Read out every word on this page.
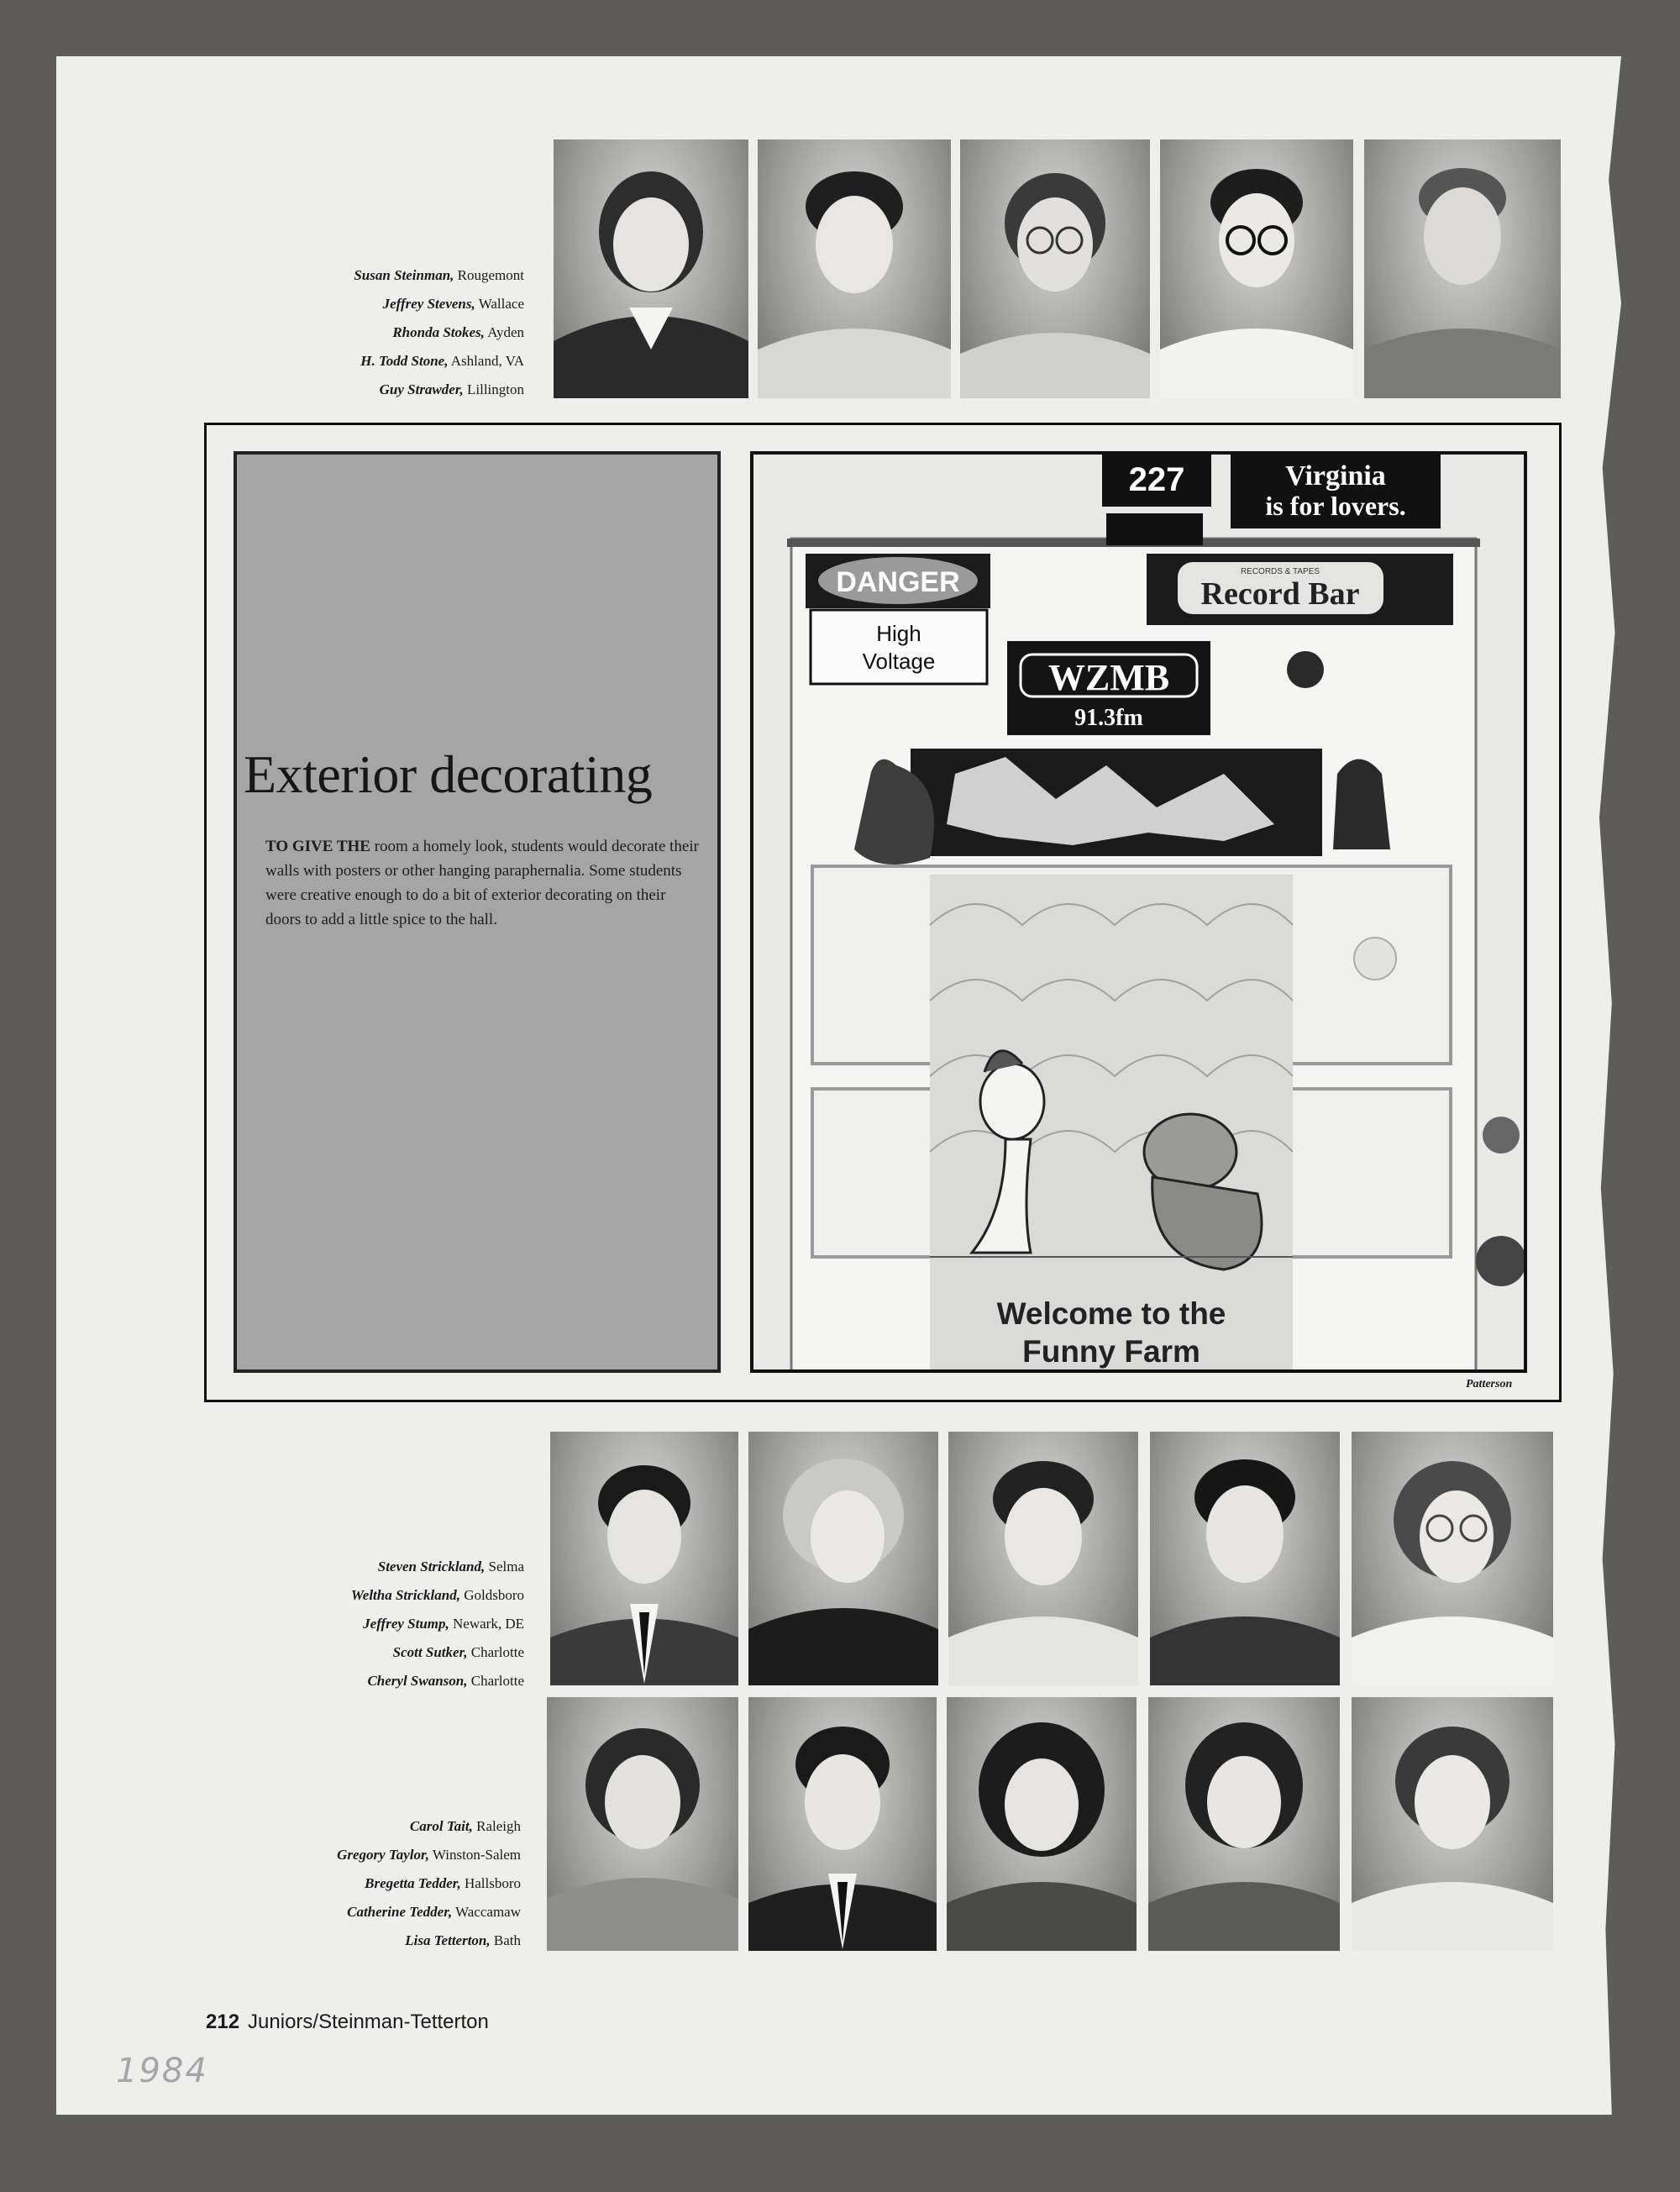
Susan Steinman, Rougemont
Jeffrey Stevens, Wallace
Rhonda Stokes, Ayden
H. Todd Stone, Ashland, VA
Guy Strawder, Lillington
Exterior decorating
TO GIVE THE room a homely look, students would decorate their walls with posters or other hanging paraphernalia. Some students were creative enough to do a bit of exterior decorating on their doors to add a little spice to the hall.
227	Virginia
is for lovers.
DANGER
High
Voltage
RECORDS & TAPES
Record Bar
WZMB
91.3fm
Welcome to the
Funny Farm
Patterson
Steven Strickland, Selma
Weltha Strickland, Goldsboro
Jeffrey Stump, Newark, DE
Scott Sutker, Charlotte
Cheryl Swanson, Charlotte
Carol Tait, Raleigh
Gregory Taylor, Winston-Salem
Bregetta Tedder, Hallsboro
Catherine Tedder, Waccamaw
Lisa Tetterton, Bath
212 Juniors/Steinman-Tetterton
1984
